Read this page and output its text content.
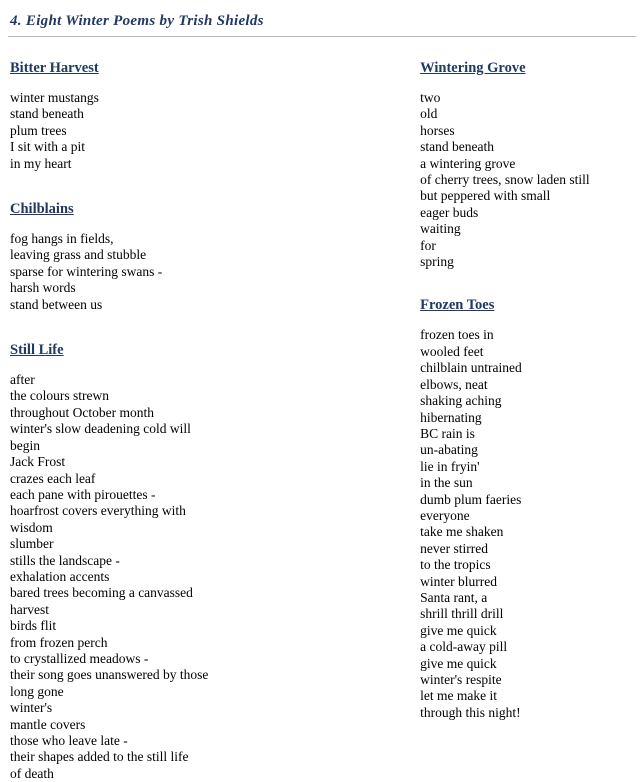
4. Eight Winter Poems by Trish Shields
Bitter Harvest
winter mustangs
stand beneath
plum trees
I sit with a pit
in my heart
Chilblains
fog hangs in fields,
leaving grass and stubble
sparse for wintering swans -
harsh words
stand between us
Still Life
after
the colours strewn
throughout October month
winter's slow deadening cold will
begin
Jack Frost
crazes each leaf
each pane with pirouettes -
hoarfrost covers everything with
wisdom
slumber
stills the landscape -
exhalation accents
bared trees becoming a canvassed
harvest
birds flit
from frozen perch
to crystallized meadows -
their song goes unanswered by those
long gone
winter's
mantle covers
those who leave late -
their shapes added to the still life
of death
Wintering Grove
two
old
horses
stand beneath
a wintering grove
of cherry trees, snow laden still
but peppered with small
eager buds
waiting
for
spring
Frozen Toes
frozen toes in
wooled feet
chilblain untrained
elbows, neat
shaking aching
hibernating
BC rain is
un-abating
lie in fryin'
in the sun
dumb plum faeries
everyone
take me shaken
never stirred
to the tropics
winter blurred
Santa rant, a
shrill thrill drill
give me quick
a cold-away pill
give me quick
winter's respite
let me make it
through this night!
